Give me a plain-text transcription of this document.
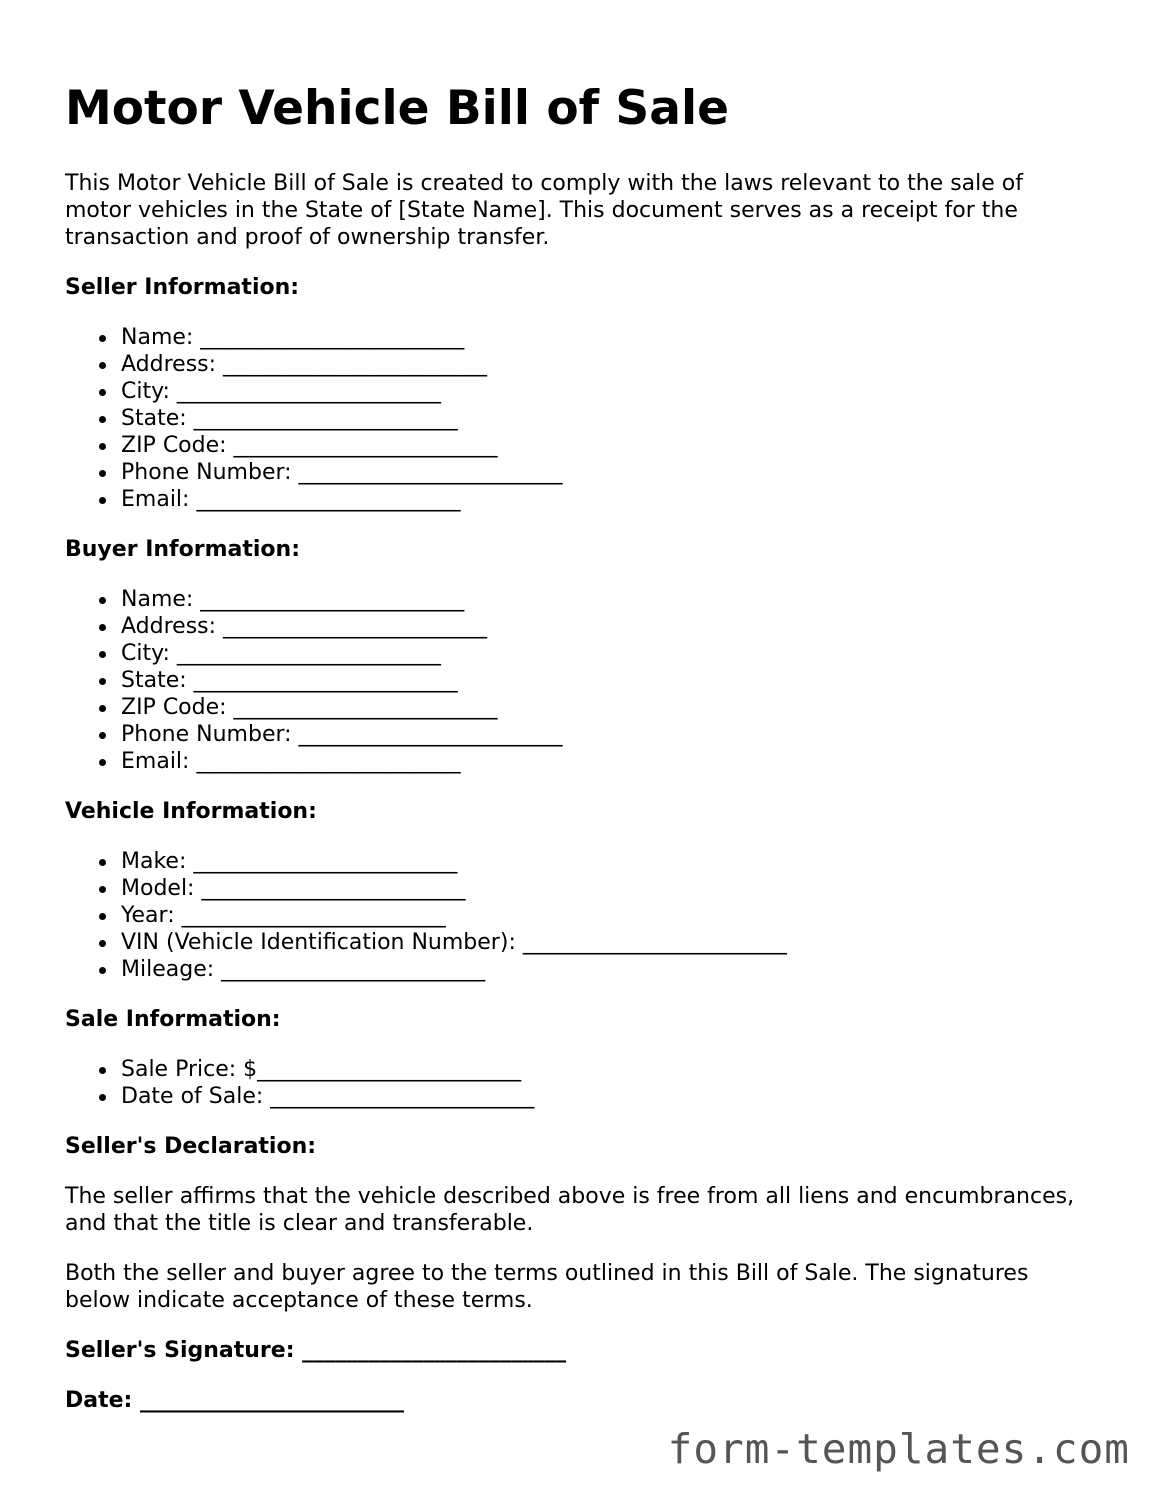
Motor Vehicle Bill of Sale

This Motor Vehicle Bill of Sale is created to comply with the laws relevant to the sale of motor vehicles in the State of [State Name]. This document serves as a receipt for the transaction and proof of ownership transfer.

Seller Information:
Name: ________________________
Address: ________________________
City: ________________________
State: ________________________
ZIP Code: ________________________
Phone Number: ________________________
Email: ________________________
Buyer Information:
Name: ________________________
Address: ________________________
City: ________________________
State: ________________________
ZIP Code: ________________________
Phone Number: ________________________
Email: ________________________
Vehicle Information:
Make: ________________________
Model: ________________________
Year: ________________________
VIN (Vehicle Identification Number): ________________________
Mileage: ________________________
Sale Information:
Sale Price: $________________________
Date of Sale: ________________________
Seller's Declaration:

The seller affirms that the vehicle described above is free from all liens and encumbrances, and that the title is clear and transferable.

Both the seller and buyer agree to the terms outlined in this Bill of Sale. The signatures below indicate acceptance of these terms.

Seller's Signature: ________________________
Date: ________________________
form-templates.com
